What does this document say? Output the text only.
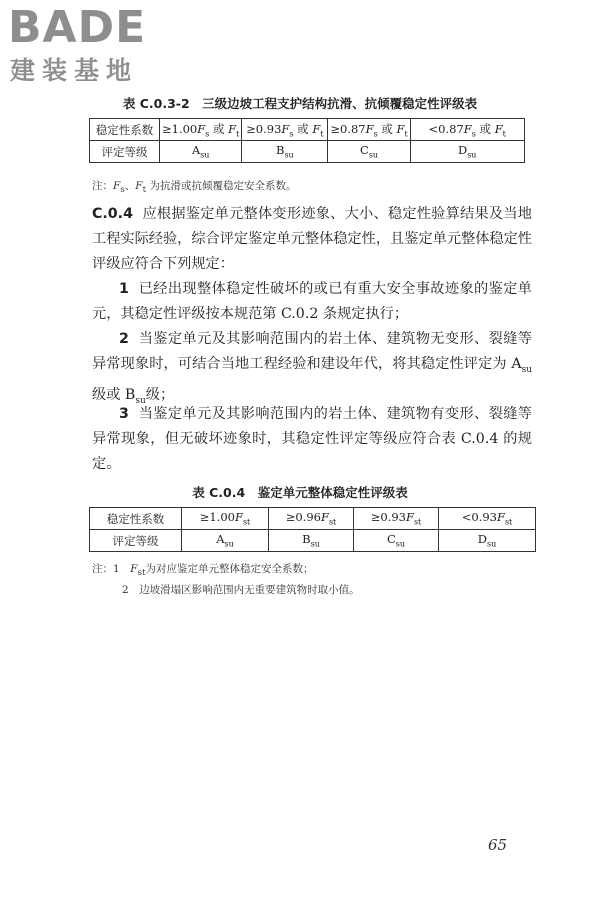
BADE
建装基地
表 C.0.3-2　三级边坡工程支护结构抗滑、抗倾覆稳定性评级表
稳定性系数	$\ge 1.00F_s$ 或 $F_t$	$\ge 0.93F_s$ 或 $F_t$	$\ge 0.87F_s$ 或 $F_t$	$<0.87F_s$ 或 $F_t$
评定等级	$A_{su}$	$B_{su}$	$C_{su}$	$D_{su}$
注：$F_s$、$F_t$ 为抗滑或抗倾覆稳定安全系数。
C.0.4 应根据鉴定单元整体变形迹象、大小、稳定性验算结果及当地工程实际经验，综合评定鉴定单元整体稳定性，且鉴定单元整体稳定性评级应符合下列规定：
1 已经出现整体稳定性破坏的或已有重大安全事故迹象的鉴定单元，其稳定性评级按本规范第 C.0.2 条规定执行；
2 当鉴定单元及其影响范围内的岩土体、建筑物无变形、裂缝等异常现象时，可结合当地工程经验和建设年代，将其稳定性评定为 $A_{su}$级或 $B_{su}$级；
3 当鉴定单元及其影响范围内的岩土体、建筑物有变形、裂缝等异常现象，但无破坏迹象时，其稳定性评定等级应符合表 C.0.4 的规定。
表 C.0.4　鉴定单元整体稳定性评级表
稳定性系数	$\ge 1.00F_{st}$	$\ge 0.96F_{st}$	$\ge 0.93F_{st}$	$<0.93F_{st}$
评定等级	$A_{su}$	$B_{su}$	$C_{su}$	$D_{su}$
注：1　$F_{st}$为对应鉴定单元整体稳定安全系数；
2　边坡滑塌区影响范围内无重要建筑物时取小值。
65
